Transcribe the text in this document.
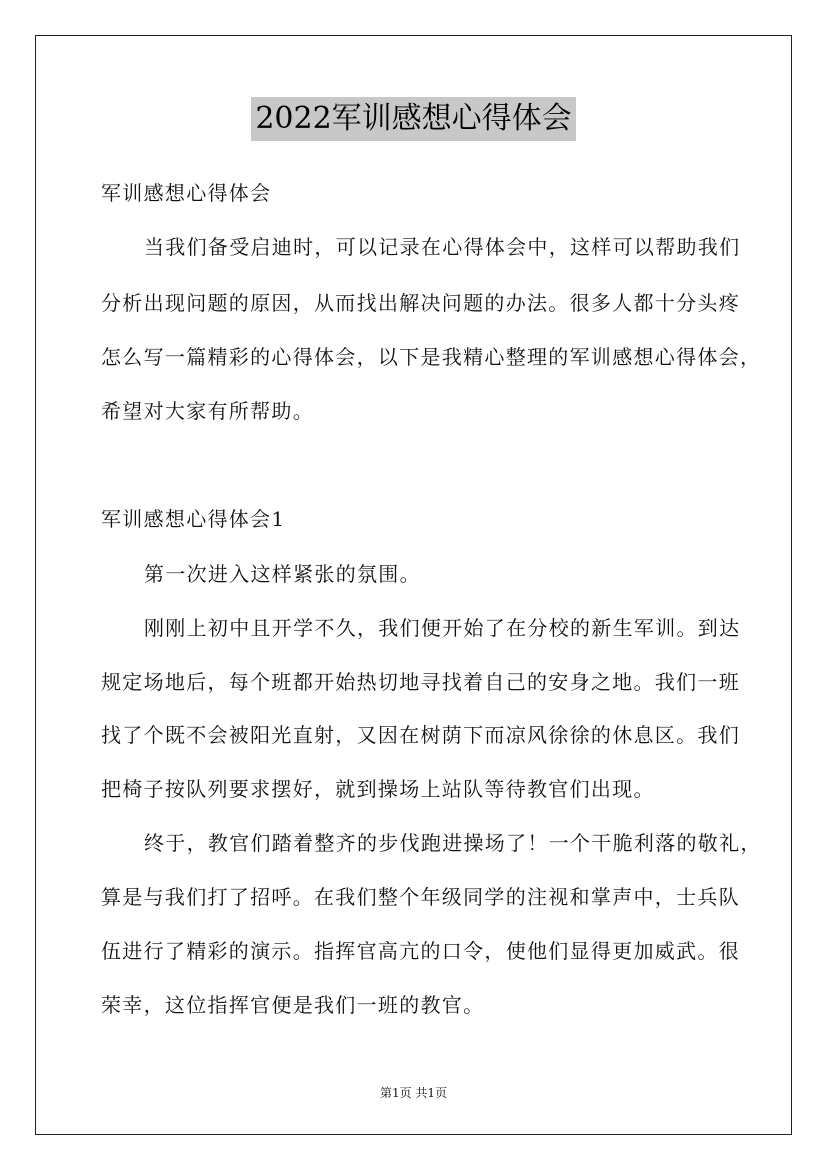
2022军训感想心得体会
军训感想心得体会
当我们备受启迪时，可以记录在心得体会中，这样可以帮助我们
分析出现问题的原因，从而找出解决问题的办法。很多人都十分头疼
怎么写一篇精彩的心得体会，以下是我精心整理的军训感想心得体会，
希望对大家有所帮助。
军训感想心得体会1
第一次进入这样紧张的氛围。
刚刚上初中且开学不久，我们便开始了在分校的新生军训。到达
规定场地后，每个班都开始热切地寻找着自己的安身之地。我们一班
找了个既不会被阳光直射，又因在树荫下而凉风徐徐的休息区。我们
把椅子按队列要求摆好，就到操场上站队等待教官们出现。
终于，教官们踏着整齐的步伐跑进操场了！一个干脆利落的敬礼，
算是与我们打了招呼。在我们整个年级同学的注视和掌声中，士兵队
伍进行了精彩的演示。指挥官高亢的口令，使他们显得更加威武。很
荣幸，这位指挥官便是我们一班的教官。
第1页 共1页
